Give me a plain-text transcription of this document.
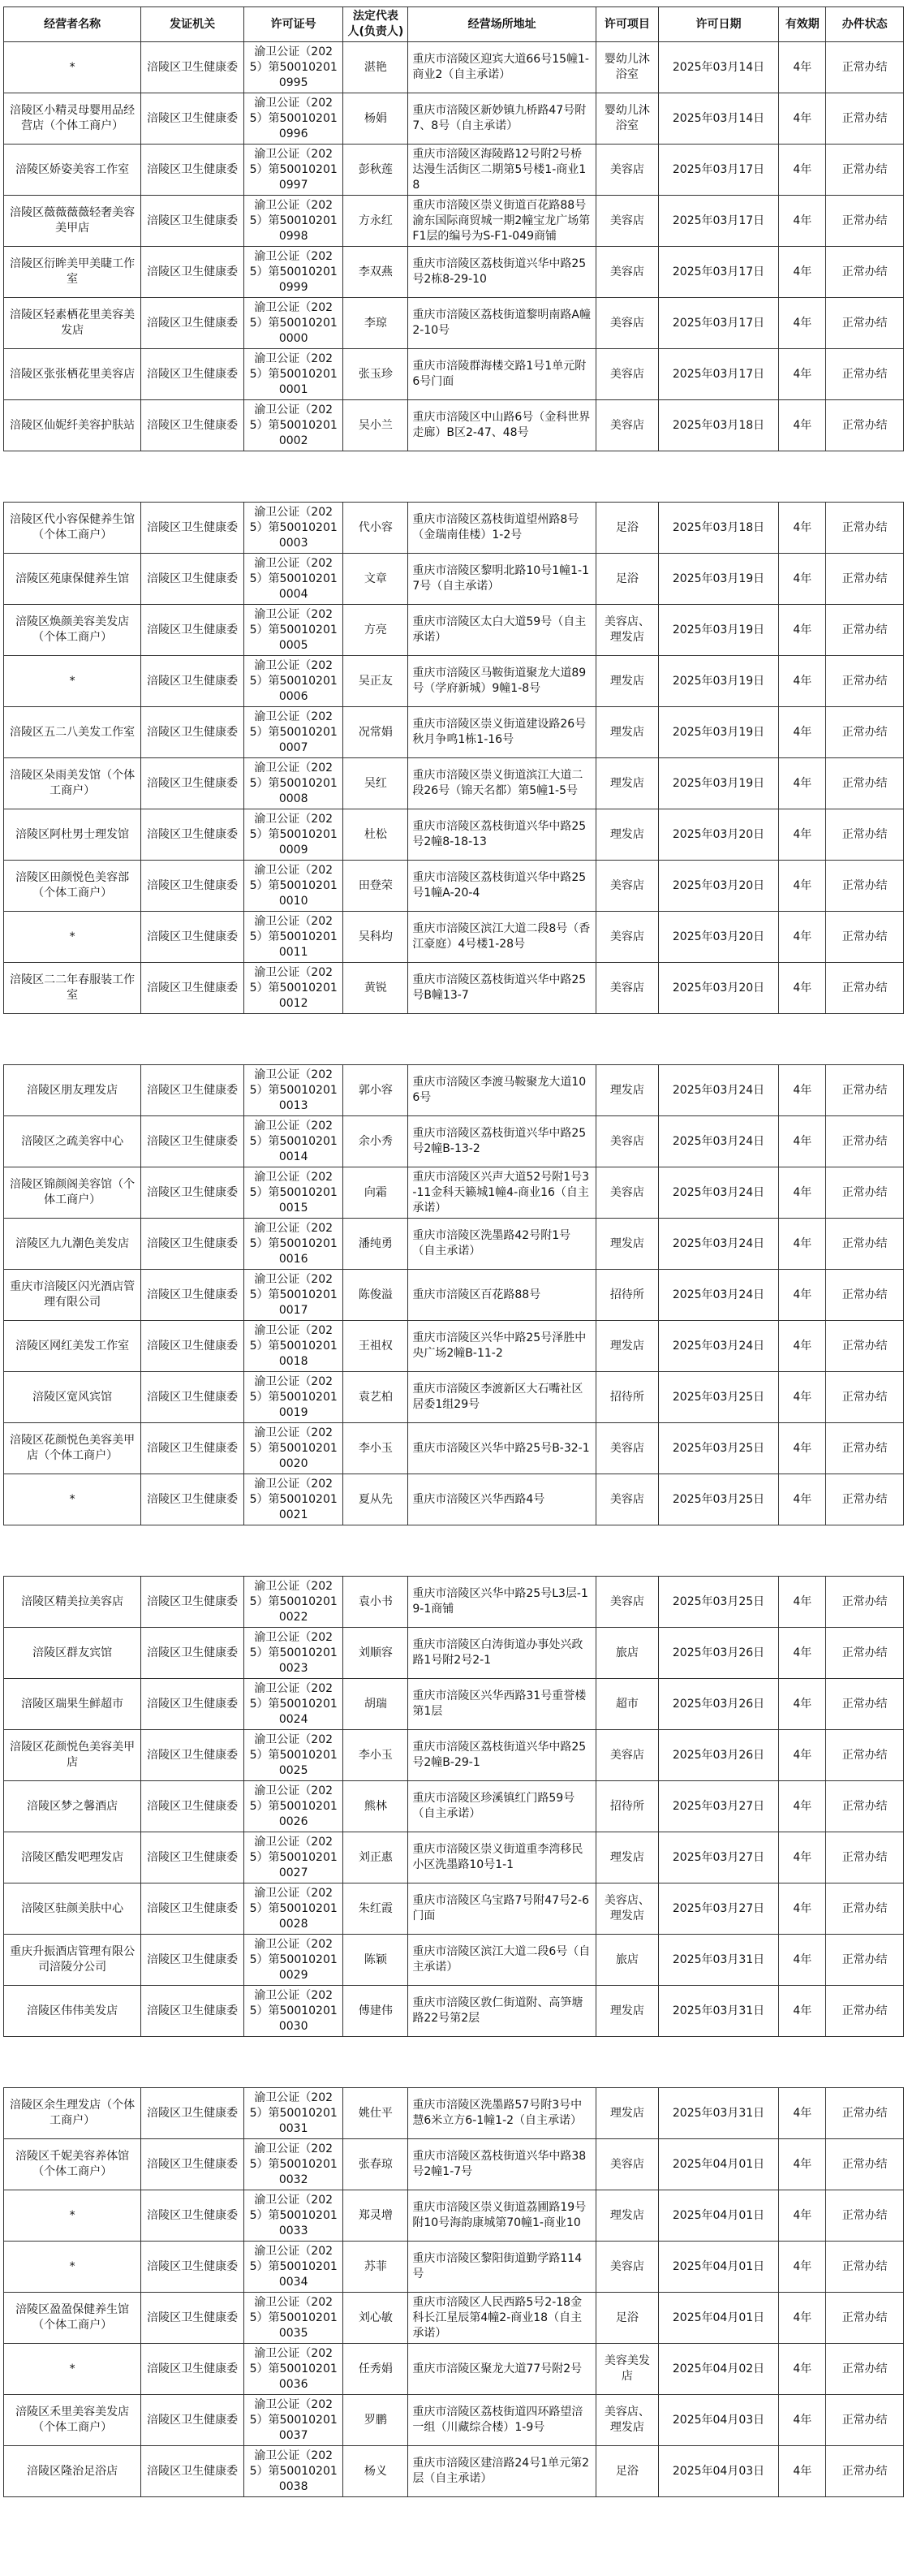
经营者名称	发证机关	许可证号	法定代表人(负责人)	经营场所地址	许可项目	许可日期	有效期	办件状态
*	涪陵区卫生健康委	渝卫公证（2025）第500102010995	湛艳	重庆市涪陵区迎宾大道66号15幢1-商业2（自主承诺）	婴幼儿沐浴室	2025年03月14日	4年	正常办结
涪陵区小精灵母婴用品经营店（个体工商户）	涪陵区卫生健康委	渝卫公证（2025）第500102010996	杨娟	重庆市涪陵区新妙镇九桥路47号附7、8号（自主承诺）	婴幼儿沐浴室	2025年03月14日	4年	正常办结
涪陵区娇姿美容工作室	涪陵区卫生健康委	渝卫公证（2025）第500102010997	彭秋莲	重庆市涪陵区海陵路12号附2号桥达漫生活街区二期第5号楼1-商业18	美容店	2025年03月17日	4年	正常办结
涪陵区薇薇薇薇轻奢美容美甲店	涪陵区卫生健康委	渝卫公证（2025）第500102010998	方永红	重庆市涪陵区崇义街道百花路88号渝东国际商贸城一期2幢宝龙广场第F1层的编号为S-F1-049商铺	美容店	2025年03月17日	4年	正常办结
涪陵区衍眸美甲美睫工作室	涪陵区卫生健康委	渝卫公证（2025）第500102010999	李双燕	重庆市涪陵区荔枝街道兴华中路25号2栋8-29-10	美容店	2025年03月17日	4年	正常办结
涪陵区轻素栖花里美容美发店	涪陵区卫生健康委	渝卫公证（2025）第500102010000	李琼	重庆市涪陵区荔枝街道黎明南路A幢2-10号	美容店	2025年03月17日	4年	正常办结
涪陵区张张栖花里美容店	涪陵区卫生健康委	渝卫公证（2025）第500102010001	张玉珍	重庆市涪陵群海楼交路1号1单元附6号门面	美容店	2025年03月17日	4年	正常办结
涪陵区仙妮纤美容护肤站	涪陵区卫生健康委	渝卫公证（2025）第500102010002	吴小兰	重庆市涪陵区中山路6号（金科世界走廊）B区2-47、48号	美容店	2025年03月18日	4年	正常办结

涪陵区代小容保健养生馆（个体工商户）	涪陵区卫生健康委	渝卫公证（2025）第500102010003	代小容	重庆市涪陵区荔枝街道望州路8号（金瑞南佳楼）1-2号	足浴	2025年03月18日	4年	正常办结
涪陵区苑康保健养生馆	涪陵区卫生健康委	渝卫公证（2025）第500102010004	文章	重庆市涪陵区黎明北路10号1幢1-17号（自主承诺）	足浴	2025年03月19日	4年	正常办结
涪陵区焕颜美容美发店（个体工商户）	涪陵区卫生健康委	渝卫公证（2025）第500102010005	方亮	重庆市涪陵区太白大道59号（自主承诺）	美容店、理发店	2025年03月19日	4年	正常办结
*	涪陵区卫生健康委	渝卫公证（2025）第500102010006	吴正友	重庆市涪陵区马鞍街道聚龙大道89号（学府新城）9幢1-8号	理发店	2025年03月19日	4年	正常办结
涪陵区五二八美发工作室	涪陵区卫生健康委	渝卫公证（2025）第500102010007	况常娟	重庆市涪陵区崇义街道建设路26号秋月争鸣1栋1-16号	理发店	2025年03月19日	4年	正常办结
涪陵区朵雨美发馆（个体工商户）	涪陵区卫生健康委	渝卫公证（2025）第500102010008	吴红	重庆市涪陵区崇义街道滨江大道二段26号（锦天名都）第5幢1-5号	理发店	2025年03月19日	4年	正常办结
涪陵区阿杜男士理发馆	涪陵区卫生健康委	渝卫公证（2025）第500102010009	杜松	重庆市涪陵区荔枝街道兴华中路25号2幢8-18-13	理发店	2025年03月20日	4年	正常办结
涪陵区田颜悦色美容部（个体工商户）	涪陵区卫生健康委	渝卫公证（2025）第500102010010	田登荣	重庆市涪陵区荔枝街道兴华中路25号1幢A-20-4	美容店	2025年03月20日	4年	正常办结
*	涪陵区卫生健康委	渝卫公证（2025）第500102010011	吴科均	重庆市涪陵区滨江大道二段8号（香江豪庭）4号楼1-28号	美容店	2025年03月20日	4年	正常办结
涪陵区二二年春服装工作室	涪陵区卫生健康委	渝卫公证（2025）第500102010012	黄锐	重庆市涪陵区荔枝街道兴华中路25号B幢13-7	美容店	2025年03月20日	4年	正常办结

涪陵区朋友理发店	涪陵区卫生健康委	渝卫公证（2025）第500102010013	郭小容	重庆市涪陵区李渡马鞍聚龙大道106号	理发店	2025年03月24日	4年	正常办结
涪陵区之疏美容中心	涪陵区卫生健康委	渝卫公证（2025）第500102010014	余小秀	重庆市涪陵区荔枝街道兴华中路25号2幢B-13-2	美容店	2025年03月24日	4年	正常办结
涪陵区锦颜阁美容馆（个体工商户）	涪陵区卫生健康委	渝卫公证（2025）第500102010015	向霜	重庆市涪陵区兴声大道52号附1号3-11金科天籁城1幢4-商业16（自主承诺）	美容店	2025年03月24日	4年	正常办结
涪陵区九九潮色美发店	涪陵区卫生健康委	渝卫公证（2025）第500102010016	潘纯勇	重庆市涪陵区洗墨路42号附1号（自主承诺）	理发店	2025年03月24日	4年	正常办结
重庆市涪陵区闪光酒店管理有限公司	涪陵区卫生健康委	渝卫公证（2025）第500102010017	陈俊溢	重庆市涪陵区百花路88号	招待所	2025年03月24日	4年	正常办结
涪陵区网红美发工作室	涪陵区卫生健康委	渝卫公证（2025）第500102010018	王祖权	重庆市涪陵区兴华中路25号泽胜中央广场2幢B-11-2	理发店	2025年03月24日	4年	正常办结
涪陵区宽风宾馆	涪陵区卫生健康委	渝卫公证（2025）第500102010019	袁艺柏	重庆市涪陵区李渡新区大石嘴社区居委1组29号	招待所	2025年03月25日	4年	正常办结
涪陵区花颜悦色美容美甲店（个体工商户）	涪陵区卫生健康委	渝卫公证（2025）第500102010020	李小玉	重庆市涪陵区兴华中路25号B-32-1	美容店	2025年03月25日	4年	正常办结
*	涪陵区卫生健康委	渝卫公证（2025）第500102010021	夏从先	重庆市涪陵区兴华西路4号	美容店	2025年03月25日	4年	正常办结

涪陵区精美拉美容店	涪陵区卫生健康委	渝卫公证（2025）第500102010022	袁小书	重庆市涪陵区兴华中路25号L3层-19-1商铺	美容店	2025年03月25日	4年	正常办结
涪陵区群友宾馆	涪陵区卫生健康委	渝卫公证（2025）第500102010023	刘顺容	重庆市涪陵区白涛街道办事处兴政路1号附2号2-1	旅店	2025年03月26日	4年	正常办结
涪陵区瑞果生鲜超市	涪陵区卫生健康委	渝卫公证（2025）第500102010024	胡瑞	重庆市涪陵区兴华西路31号重誉楼第1层	超市	2025年03月26日	4年	正常办结
涪陵区花颜悦色美容美甲店	涪陵区卫生健康委	渝卫公证（2025）第500102010025	李小玉	重庆市涪陵区荔枝街道兴华中路25号2幢B-29-1	美容店	2025年03月26日	4年	正常办结
涪陵区梦之馨酒店	涪陵区卫生健康委	渝卫公证（2025）第500102010026	熊林	重庆市涪陵区珍溪镇红门路59号（自主承诺）	招待所	2025年03月27日	4年	正常办结
涪陵区酷发吧理发店	涪陵区卫生健康委	渝卫公证（2025）第500102010027	刘正惠	重庆市涪陵区崇义街道重李湾移民小区洗墨路10号1-1	理发店	2025年03月27日	4年	正常办结
涪陵区驻颜美肤中心	涪陵区卫生健康委	渝卫公证（2025）第500102010028	朱红霞	重庆市涪陵区乌宝路7号附47号2-6门面	美容店、理发店	2025年03月27日	4年	正常办结
重庆升振酒店管理有限公司涪陵分公司	涪陵区卫生健康委	渝卫公证（2025）第500102010029	陈颖	重庆市涪陵区滨江大道二段6号（自主承诺）	旅店	2025年03月31日	4年	正常办结
涪陵区伟伟美发店	涪陵区卫生健康委	渝卫公证（2025）第500102010030	傅建伟	重庆市涪陵区敦仁街道附、高笋塘路22号第2层	理发店	2025年03月31日	4年	正常办结

涪陵区余生理发店（个体工商户）	涪陵区卫生健康委	渝卫公证（2025）第500102010031	姚仕平	重庆市涪陵区洗墨路57号附3号中慧6米立方6-1幢1-2（自主承诺）	理发店	2025年03月31日	4年	正常办结
涪陵区千妮美容养体馆（个体工商户）	涪陵区卫生健康委	渝卫公证（2025）第500102010032	张春琼	重庆市涪陵区荔枝街道兴华中路38号2幢1-7号	美容店	2025年04月01日	4年	正常办结
*	涪陵区卫生健康委	渝卫公证（2025）第500102010033	郑灵增	重庆市涪陵区崇义街道荔圃路19号附10号海韵康城第70幢1-商业10	理发店	2025年04月01日	4年	正常办结
*	涪陵区卫生健康委	渝卫公证（2025）第500102010034	苏菲	重庆市涪陵区黎阳街道勤学路114号	美容店	2025年04月01日	4年	正常办结
涪陵区盈盈保健养生馆（个体工商户）	涪陵区卫生健康委	渝卫公证（2025）第500102010035	刘心敏	重庆市涪陵区人民西路5号2-18金科长江星辰第4幢2-商业18（自主承诺）	足浴	2025年04月01日	4年	正常办结
*	涪陵区卫生健康委	渝卫公证（2025）第500102010036	任秀娟	重庆市涪陵区聚龙大道77号附2号	美容美发店	2025年04月02日	4年	正常办结
涪陵区禾里美容美发店（个体工商户）	涪陵区卫生健康委	渝卫公证（2025）第500102010037	罗鹏	重庆市涪陵区荔枝街道四环路望涪一组（川藏综合楼）1-9号	美容店、理发店	2025年04月03日	4年	正常办结
涪陵区隆治足浴店	涪陵区卫生健康委	渝卫公证（2025）第500102010038	杨义	重庆市涪陵区建涪路24号1单元第2层（自主承诺）	足浴	2025年04月03日	4年	正常办结
